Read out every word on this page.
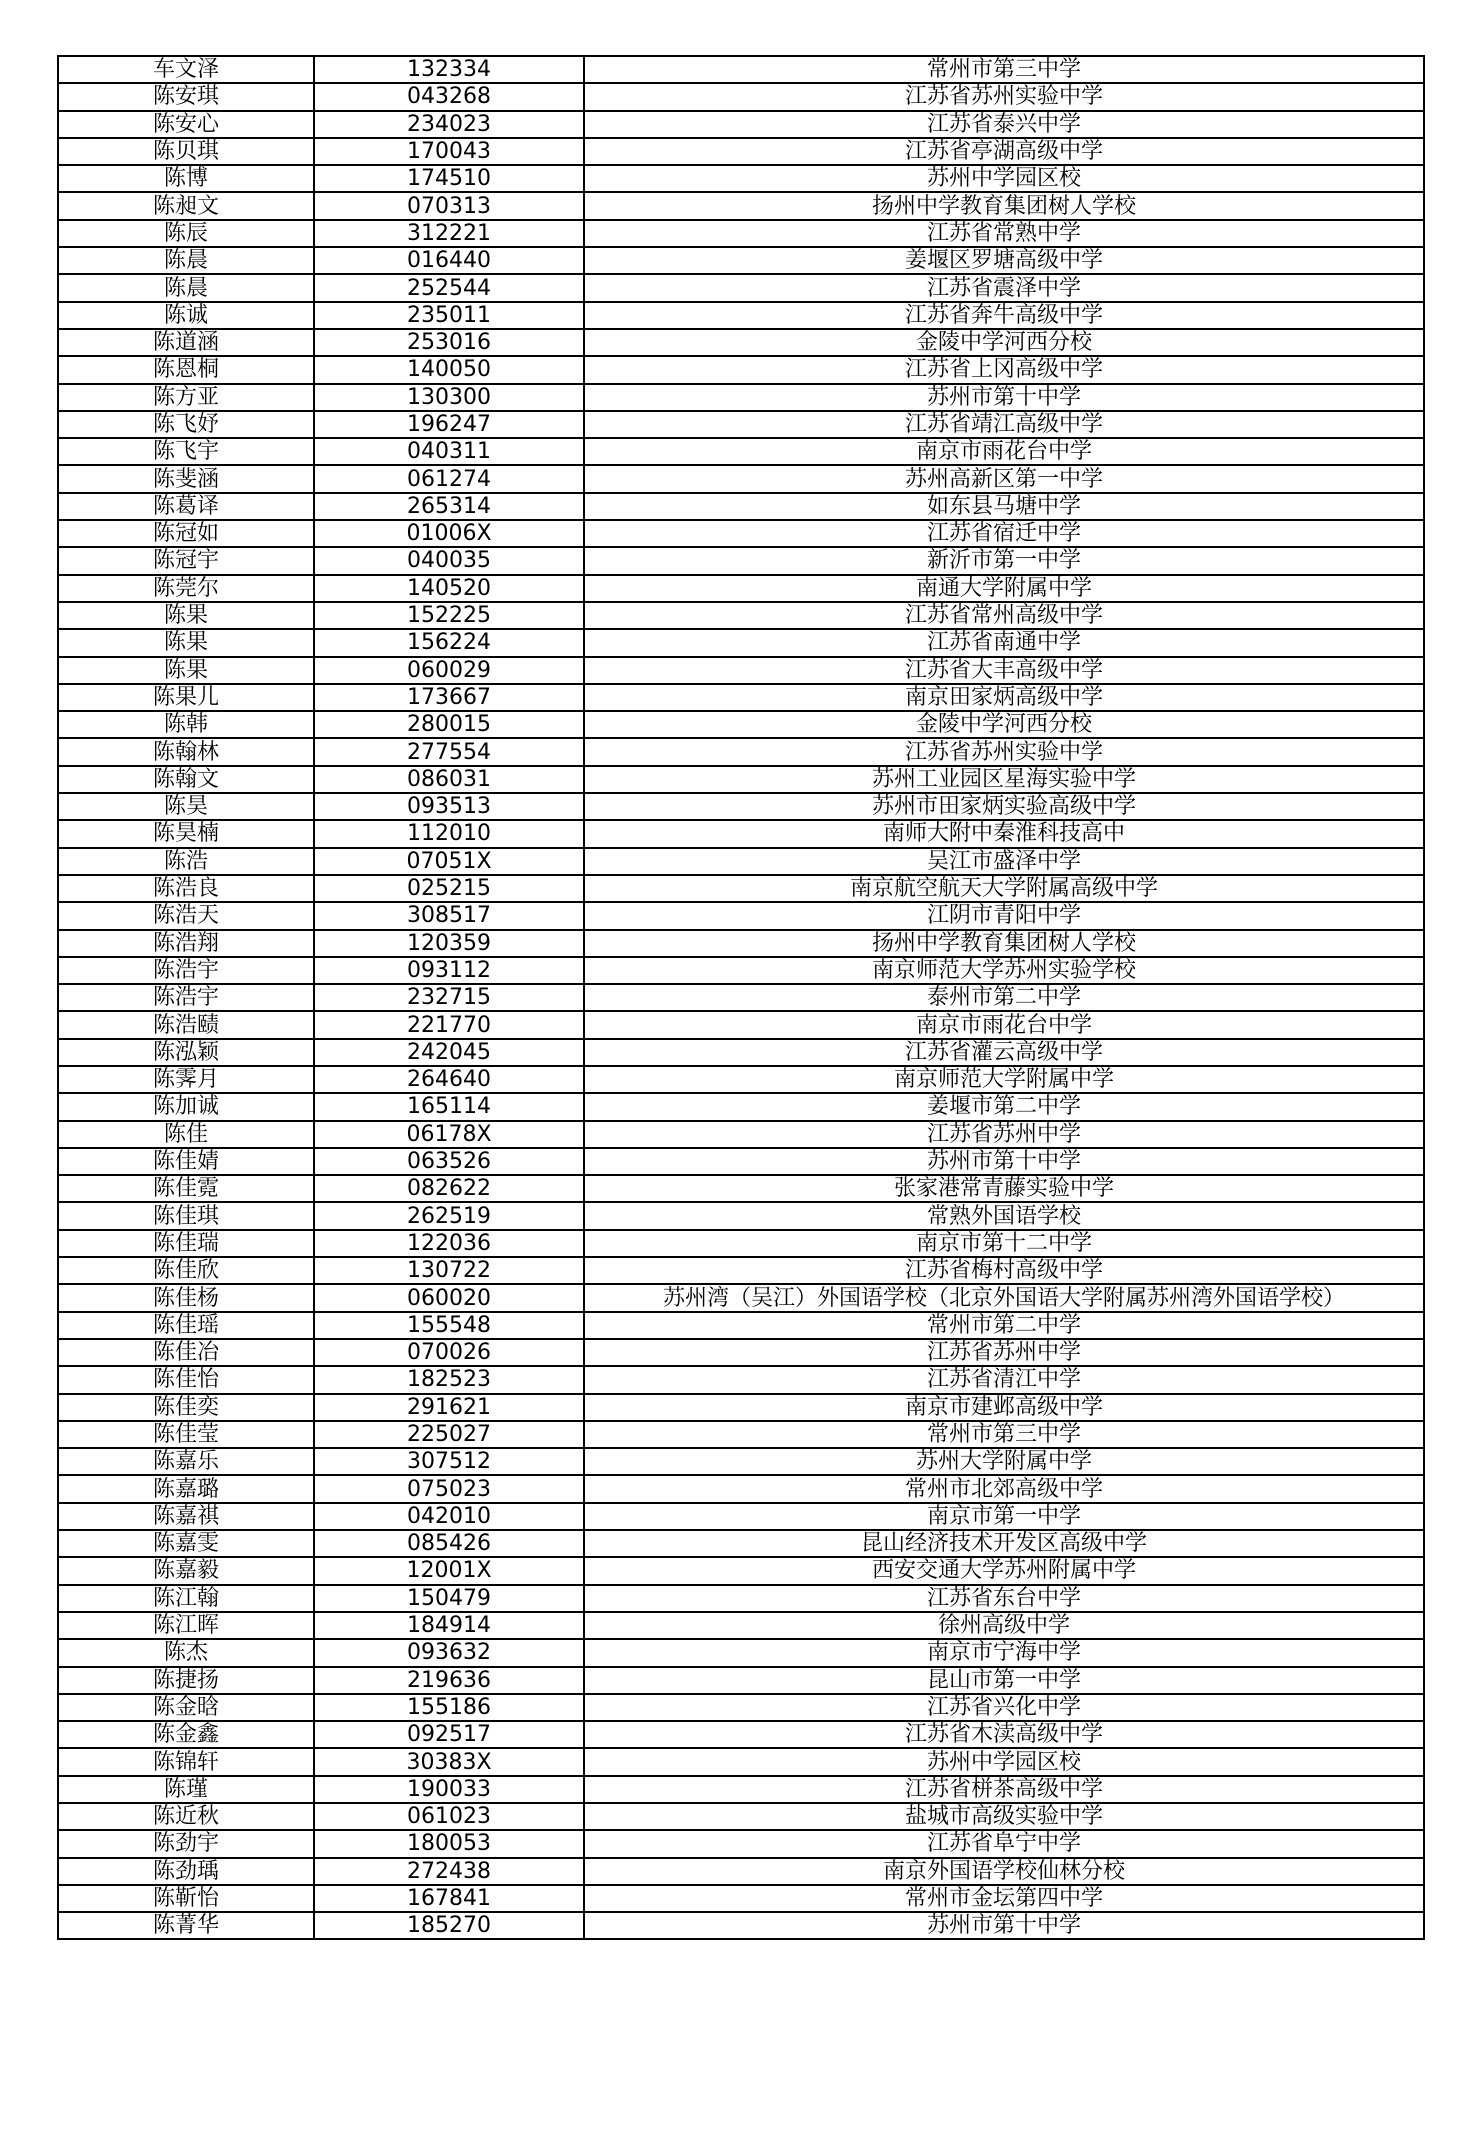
车文泽	132334	常州市第三中学
陈安琪	043268	江苏省苏州实验中学
陈安心	234023	江苏省泰兴中学
陈贝琪	170043	江苏省亭湖高级中学
陈博	174510	苏州中学园区校
陈昶文	070313	扬州中学教育集团树人学校
陈辰	312221	江苏省常熟中学
陈晨	016440	姜堰区罗塘高级中学
陈晨	252544	江苏省震泽中学
陈诚	235011	江苏省奔牛高级中学
陈道涵	253016	金陵中学河西分校
陈恩桐	140050	江苏省上冈高级中学
陈方亚	130300	苏州市第十中学
陈飞妤	196247	江苏省靖江高级中学
陈飞宇	040311	南京市雨花台中学
陈斐涵	061274	苏州高新区第一中学
陈葛译	265314	如东县马塘中学
陈冠如	01006X	江苏省宿迁中学
陈冠宇	040035	新沂市第一中学
陈莞尔	140520	南通大学附属中学
陈果	152225	江苏省常州高级中学
陈果	156224	江苏省南通中学
陈果	060029	江苏省大丰高级中学
陈果儿	173667	南京田家炳高级中学
陈韩	280015	金陵中学河西分校
陈翰林	277554	江苏省苏州实验中学
陈翰文	086031	苏州工业园区星海实验中学
陈昊	093513	苏州市田家炳实验高级中学
陈昊楠	112010	南师大附中秦淮科技高中
陈浩	07051X	吴江市盛泽中学
陈浩良	025215	南京航空航天大学附属高级中学
陈浩天	308517	江阴市青阳中学
陈浩翔	120359	扬州中学教育集团树人学校
陈浩宇	093112	南京师范大学苏州实验学校
陈浩宇	232715	泰州市第二中学
陈浩赜	221770	南京市雨花台中学
陈泓颖	242045	江苏省灌云高级中学
陈霁月	264640	南京师范大学附属中学
陈加诚	165114	姜堰市第二中学
陈佳	06178X	江苏省苏州中学
陈佳婧	063526	苏州市第十中学
陈佳霓	082622	张家港常青藤实验中学
陈佳琪	262519	常熟外国语学校
陈佳瑞	122036	南京市第十二中学
陈佳欣	130722	江苏省梅村高级中学
陈佳杨	060020	苏州湾（吴江）外国语学校（北京外国语大学附属苏州湾外国语学校）
陈佳瑶	155548	常州市第二中学
陈佳冶	070026	江苏省苏州中学
陈佳怡	182523	江苏省清江中学
陈佳奕	291621	南京市建邺高级中学
陈佳莹	225027	常州市第三中学
陈嘉乐	307512	苏州大学附属中学
陈嘉璐	075023	常州市北郊高级中学
陈嘉祺	042010	南京市第一中学
陈嘉雯	085426	昆山经济技术开发区高级中学
陈嘉毅	12001X	西安交通大学苏州附属中学
陈江翰	150479	江苏省东台中学
陈江晖	184914	徐州高级中学
陈杰	093632	南京市宁海中学
陈捷扬	219636	昆山市第一中学
陈金晗	155186	江苏省兴化中学
陈金鑫	092517	江苏省木渎高级中学
陈锦轩	30383X	苏州中学园区校
陈瑾	190033	江苏省栟茶高级中学
陈近秋	061023	盐城市高级实验中学
陈劲宇	180053	江苏省阜宁中学
陈劲瑀	272438	南京外国语学校仙林分校
陈靳怡	167841	常州市金坛第四中学
陈菁华	185270	苏州市第十中学
